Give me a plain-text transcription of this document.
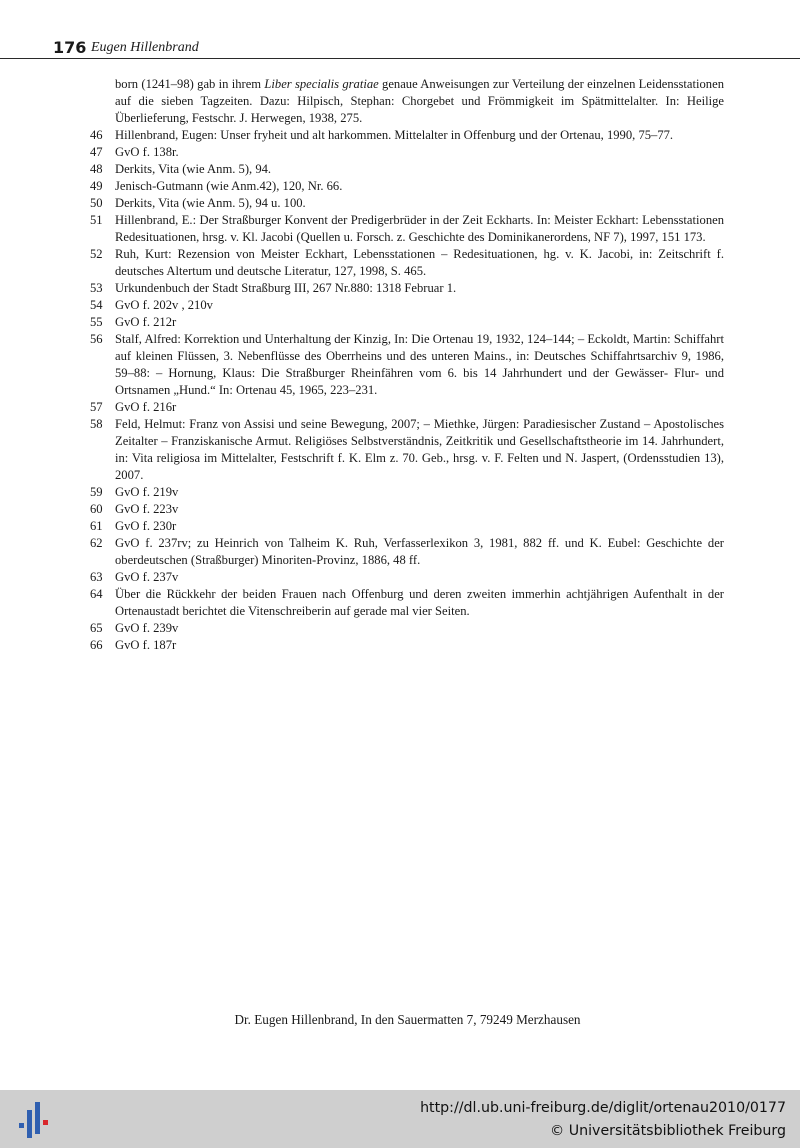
176 Eugen Hillenbrand
born (1241–98) gab in ihrem Liber specialis gratiae genaue Anweisungen zur Verteilung der einzelnen Leidensstationen auf die sieben Tagzeiten. Dazu: Hilpisch, Stephan: Chorgebet und Frömmigkeit im Spätmittelalter. In: Heilige Überlieferung, Festschr. J. Herwegen, 1938, 275.
46 Hillenbrand, Eugen: Unser fryheit und alt harkommen. Mittelalter in Offenburg und der Ortenau, 1990, 75–77.
47 GvO f. 138r.
48 Derkits, Vita (wie Anm. 5), 94.
49 Jenisch-Gutmann (wie Anm.42), 120, Nr. 66.
50 Derkits, Vita (wie Anm. 5), 94 u. 100.
51 Hillenbrand, E.: Der Straßburger Konvent der Predigerbrüder in der Zeit Eckharts. In: Meister Eckhart: Lebensstationen Redesituationen, hrsg. v. Kl. Jacobi (Quellen u. Forsch. z. Geschichte des Dominikanerordens, NF 7), 1997, 151 173.
52 Ruh, Kurt: Rezension von Meister Eckhart, Lebensstationen – Redesituationen, hg. v. K. Jacobi, in: Zeitschrift f. deutsches Altertum und deutsche Literatur, 127, 1998, S. 465.
53 Urkundenbuch der Stadt Straßburg III, 267 Nr.880: 1318 Februar 1.
54 GvO f. 202v , 210v
55 GvO f. 212r
56 Stalf, Alfred: Korrektion und Unterhaltung der Kinzig, In: Die Ortenau 19, 1932, 124–144; – Eckoldt, Martin: Schiffahrt auf kleinen Flüssen, 3. Nebenflüsse des Oberrheins und des unteren Mains., in: Deutsches Schiffahrtsarchiv 9, 1986, 59–88: – Hornung, Klaus: Die Straßburger Rheinfähren vom 6. bis 14 Jahrhundert und der Gewässer- Flur- und Ortsnamen „Hund.“ In: Ortenau 45, 1965, 223–231.
57 GvO f. 216r
58 Feld, Helmut: Franz von Assisi und seine Bewegung, 2007; – Miethke, Jürgen: Paradiesischer Zustand – Apostolisches Zeitalter – Franziskanische Armut. Religiöses Selbstverständnis, Zeitkritik und Gesellschaftstheorie im 14. Jahrhundert, in: Vita religiosa im Mittelalter, Festschrift f. K. Elm z. 70. Geb., hrsg. v. F. Felten und N. Jaspert, (Ordensstudien 13), 2007.
59 GvO f. 219v
60 GvO f. 223v
61 GvO f. 230r
62 GvO f. 237rv; zu Heinrich von Talheim K. Ruh, Verfasserlexikon 3, 1981, 882 ff. und K. Eubel: Geschichte der oberdeutschen (Straßburger) Minoriten-Provinz, 1886, 48 ff.
63 GvO f. 237v
64 Über die Rückkehr der beiden Frauen nach Offenburg und deren zweiten immerhin achtjährigen Aufenthalt in der Ortenaustadt berichtet die Vitenschreiberin auf gerade mal vier Seiten.
65 GvO f. 239v
66 GvO f. 187r
Dr. Eugen Hillenbrand, In den Sauermatten 7, 79249 Merzhausen
http://dl.ub.uni-freiburg.de/diglit/ortenau2010/0177
© Universitätsbibliothek Freiburg
